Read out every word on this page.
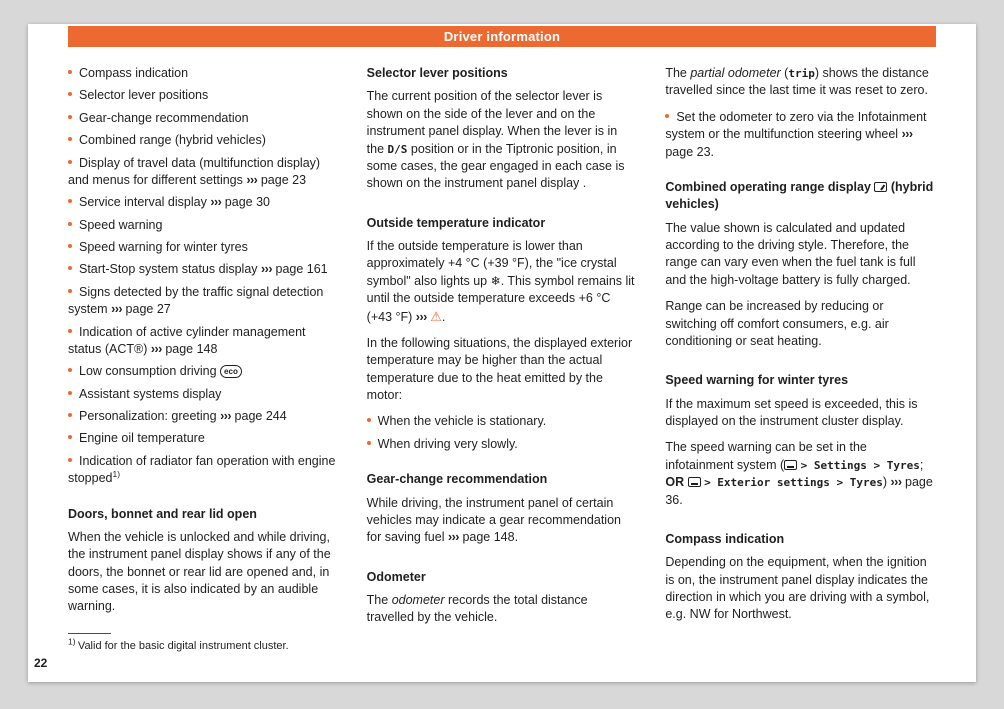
Driver information
Compass indication
Selector lever positions
Gear-change recommendation
Combined range (hybrid vehicles)
Display of travel data (multifunction display) and menus for different settings ››› page 23
Service interval display ››› page 30
Speed warning
Speed warning for winter tyres
Start-Stop system status display ››› page 161
Signs detected by the traffic signal detection system ››› page 27
Indication of active cylinder management status (ACT®) ››› page 148
Low consumption driving eco
Assistant systems display
Personalization: greeting ››› page 244
Engine oil temperature
Indication of radiator fan operation with engine stopped$^{1)}$
Doors, bonnet and rear lid open
When the vehicle is unlocked and while driving, the instrument panel display shows if any of the doors, the bonnet or rear lid are opened and, in some cases, it is also indicated by an audible warning.
$^{1)}$ Valid for the basic digital instrument cluster.
Selector lever positions
The current position of the selector lever is shown on the side of the lever and on the instrument panel display. When the lever is in the D/S position or in the Tiptronic position, in some cases, the gear engaged in each case is shown on the instrument panel display .
Outside temperature indicator
If the outside temperature is lower than approximately +4 °C (+39 °F), the "ice crystal symbol" also lights up ❄. This symbol remains lit until the outside temperature exceeds +6 °C (+43 °F) ››› ⚠.
In the following situations, the displayed exterior temperature may be higher than the actual temperature due to the heat emitted by the motor:
When the vehicle is stationary.
When driving very slowly.
Gear-change recommendation
While driving, the instrument panel of certain vehicles may indicate a gear recommendation for saving fuel ››› page 148.
Odometer
The odometer records the total distance travelled by the vehicle.
The partial odometer (trip) shows the distance travelled since the last time it was reset to zero.
Set the odometer to zero via the Infotainment system or the multifunction steering wheel ››› page 23.
Combined operating range display  (hybrid vehicles)
The value shown is calculated and updated according to the driving style. Therefore, the range can vary even when the fuel tank is full and the high-voltage battery is fully charged.
Range can be increased by reducing or switching off comfort consumers, e.g. air conditioning or seat heating.
Speed warning for winter tyres
If the maximum set speed is exceeded, this is displayed on the instrument cluster display.
The speed warning can be set in the infotainment system ( > Settings > Tyres; OR > Exterior settings > Tyres) ››› page 36.
Compass indication
Depending on the equipment, when the ignition is on, the instrument panel display indicates the direction in which you are driving with a symbol, e.g. NW for Northwest.
22
